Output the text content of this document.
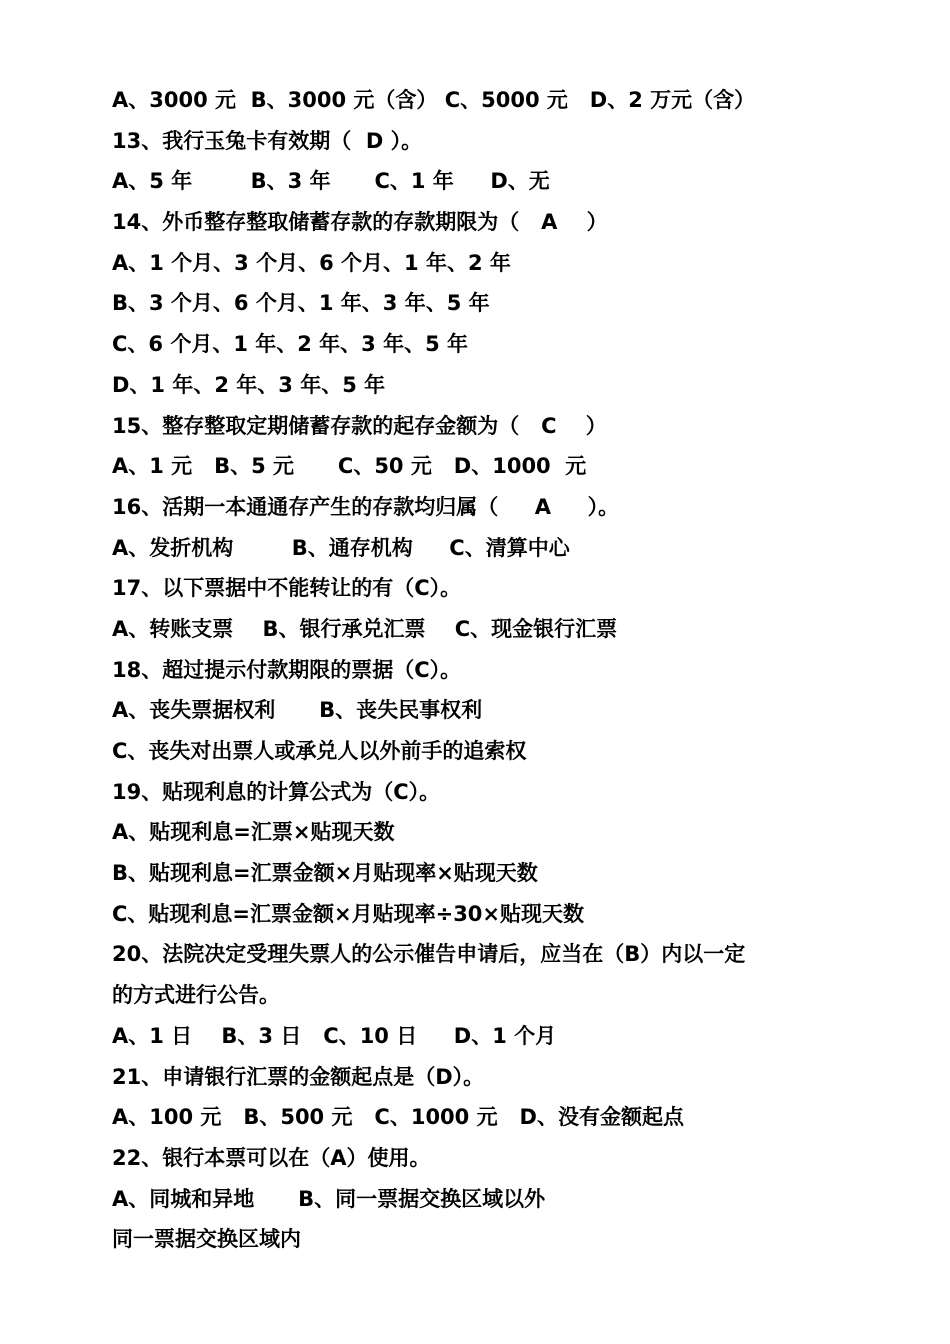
A、3000 元  B、3000 元（含） C、5000 元   D、2 万元（含）
13、我行玉兔卡有效期（  D ）。
A、5 年        B、3 年      C、1 年     D、无
14、外币整存整取储蓄存款的存款期限为（   A    ）
A、1 个月、3 个月、6 个月、1 年、2 年
B、3 个月、6 个月、1 年、3 年、5 年
C、6 个月、1 年、2 年、3 年、5 年
D、1 年、2 年、3 年、5 年
15、整存整取定期储蓄存款的起存金额为（   C    ）
A、1 元   B、5 元      C、50 元   D、1000  元
16、活期一本通通存产生的存款均归属（     A     ）。
A、发折机构        B、通存机构     C、清算中心
17、以下票据中不能转让的有（C）。
A、转账支票    B、银行承兑汇票    C、现金银行汇票
18、超过提示付款期限的票据（C）。
A、丧失票据权利      B、丧失民事权利
C、丧失对出票人或承兑人以外前手的追索权
19、贴现利息的计算公式为（C）。
A、贴现利息=汇票×贴现天数
B、贴现利息=汇票金额×月贴现率×贴现天数
C、贴现利息=汇票金额×月贴现率÷30×贴现天数
20、法院决定受理失票人的公示催告申请后，应当在（B）内以一定
的方式进行公告。
A、1 日    B、3 日   C、10 日     D、1 个月
21、申请银行汇票的金额起点是（D）。
A、100 元   B、500 元   C、1000 元   D、没有金额起点
22、银行本票可以在（A）使用。
A、同城和异地      B、同一票据交换区域以外
同一票据交换区域内
